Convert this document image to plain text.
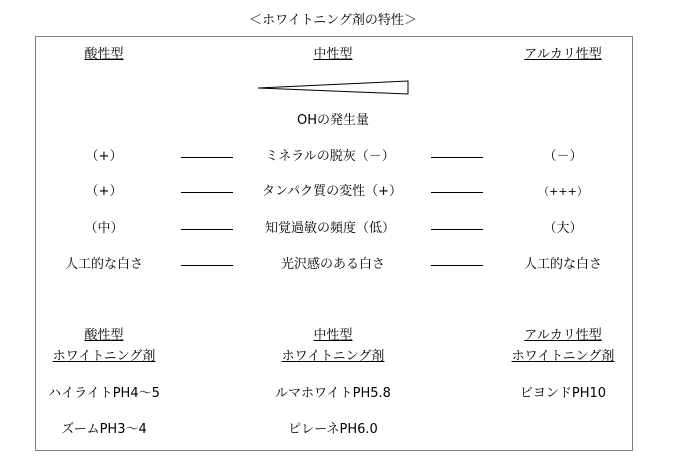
＜ホワイトニング剤の特性＞
酸性型	中性型	アルカリ性型
OHの発生量
（+）	ミネラルの脱灰（－）	（－）
（+）	タンパク質の変性（+）	（+++）
（中）	知覚過敏の頻度（低）	（大）
人工的な白さ	光沢感のある白さ	人工的な白さ
酸性型	中性型	アルカリ性型
ホワイトニング剤	ホワイトニング剤	ホワイトニング剤
ハイライトPH4～5	ルマホワイトPH5.8	ビヨンドPH10
ズームPH3～4	ピレーネPH6.0
